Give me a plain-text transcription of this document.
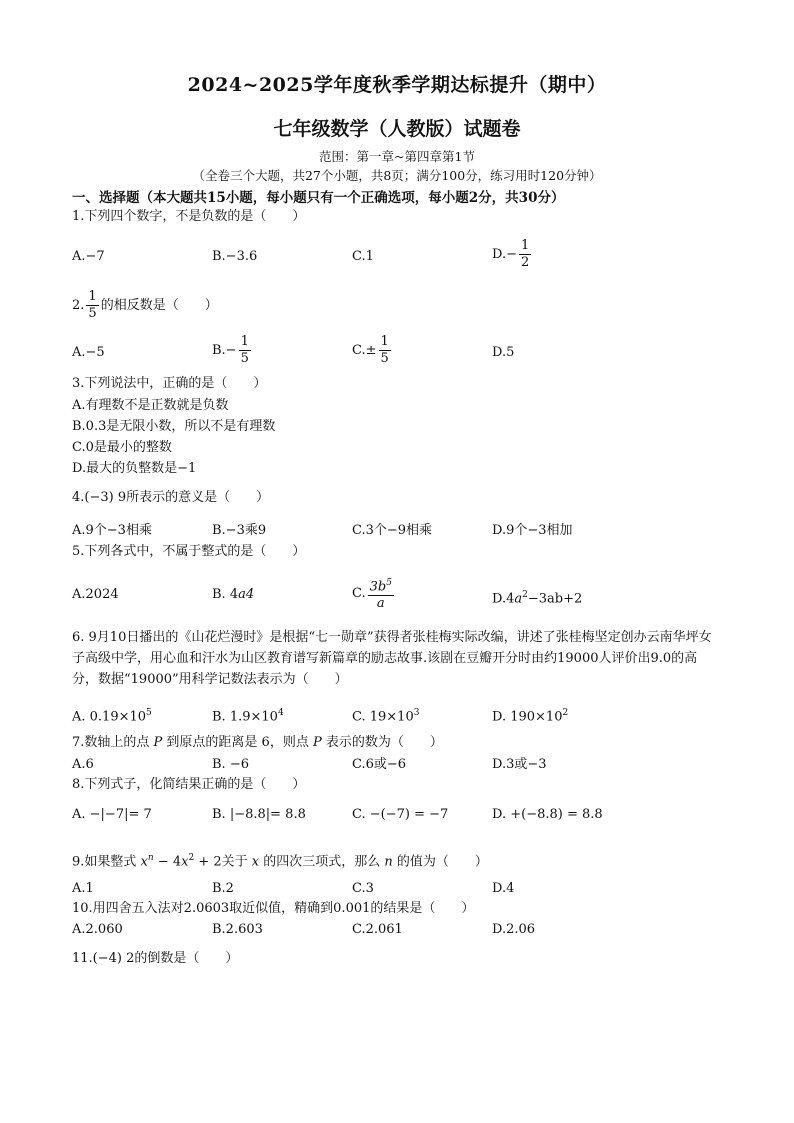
2024~2025学年度秋季学期达标提升（期中）
七年级数学（人教版）试题卷
范围：第一章~第四章第1节
（全卷三个大题，共27个小题，共8页；满分100分，练习用时120分钟）
一、选择题（本大题共15小题，每小题只有一个正确选项，每小题2分，共30分）
1.下列四个数字，不是负数的是（　　）
A.−7	B.−3.6	C.1	$D.- \frac{1}{2}$
2. $\frac{1}{5}$ 的相反数是（　　）
A.−5	$B.- \frac{1}{5}$	$C.\pm \frac{1}{5}$	D.5
3.下列说法中，正确的是（　　）
A.有理数不是正数就是负数
B.0.3是无限小数，所以不是有理数
C.0是最小的整数
D.最大的负整数是−1
4.(−3) 9所表示的意义是（　　）
A.9个−3相乘	B.−3乘9	C.3个−9相乘	D.9个−3相加
5.下列各式中，不属于整式的是（　　）
A.2024	B. 4a4	C. $\frac{3b^5}{a}$	$D.4a^2-3ab+2$
6. 9月10日播出的《山花烂漫时》是根据“七一勋章”获得者张桂梅实际改编，讲述了张桂梅坚定创办云南华坪女子高级中学，用心血和汗水为山区教育谱写新篇章的励志故事.该剧在豆瓣开分时由约19000人评价出9.0的高分，数据“19000”用科学记数法表示为（　　）
A. $0.19\times 10^5$	B. $1.9\times 10^4$	C. $19\times 10^3$	D. $190\times 10^2$
7.数轴上的点 P 到原点的距离是 6，则点 P 表示的数为（　　）
A.6	B. −6	C.6或−6	D.3或−3
8.下列式子，化简结果正确的是（　　）
A. −|−7|= 7	B. |−8.8|= 8.8	C. −(−7) = −7	D. +(−8.8) = 8.8
9.如果整式 $x^n - 4x^2 + 2$关于 x 的四次三项式，那么 n 的值为（　　）
A.1	B.2	C.3	D.4
10.用四舍五入法对2.0603取近似值，精确到0.001的结果是（　　）
A.2.060	B.2.603	C.2.061	D.2.06
11.(−4) 2的倒数是（　　）
